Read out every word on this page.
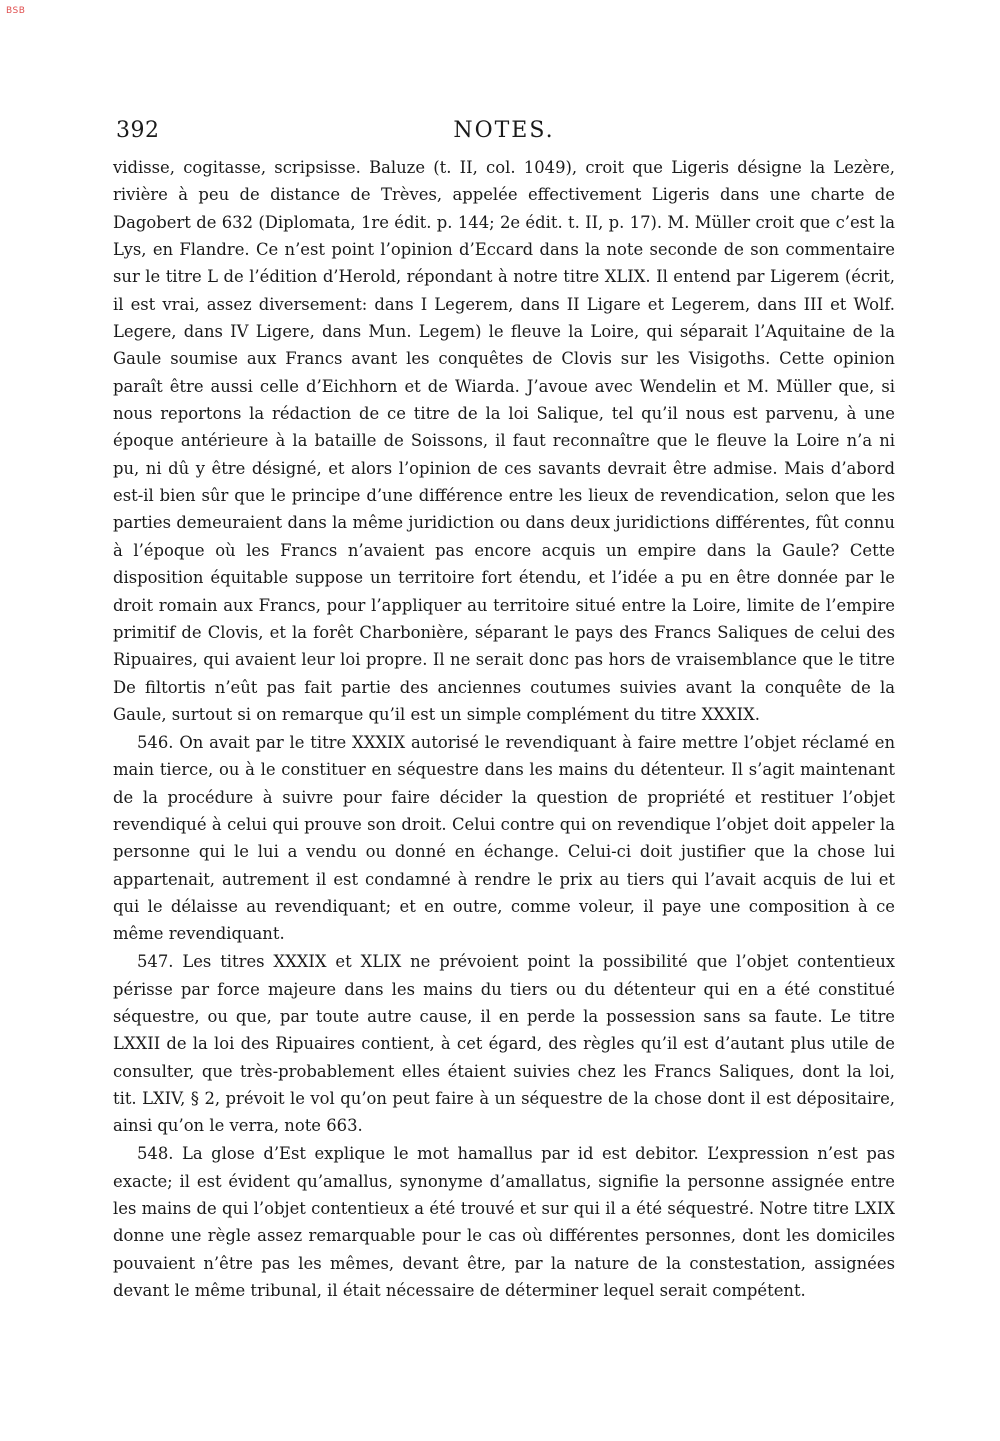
BSB
392	NOTES.

vidisse, cogitasse, scripsisse. Baluze (t. II, col. 1049), croit que Ligeris désigne la Lezère, rivière à peu de distance de Trèves, appelée effectivement Ligeris dans une charte de Dagobert de 632 (Diplomata, 1re édit. p. 144; 2e édit. t. II, p. 17). M. Müller croit que c’est la Lys, en Flandre. Ce n’est point l’opinion d’Eccard dans la note seconde de son commentaire sur le titre L de l’édition d’Herold, répondant à notre titre XLIX. Il entend par Ligerem (écrit, il est vrai, assez diversement: dans I Legerem, dans II Ligare et Legerem, dans III et Wolf. Legere, dans IV Ligere, dans Mun. Legem) le fleuve la Loire, qui séparait l’Aquitaine de la Gaule soumise aux Francs avant les conquêtes de Clovis sur les Visigoths. Cette opinion paraît être aussi celle d’Eichhorn et de Wiarda. J’avoue avec Wendelin et M. Müller que, si nous reportons la rédaction de ce titre de la loi Salique, tel qu’il nous est parvenu, à une époque antérieure à la bataille de Soissons, il faut reconnaître que le fleuve la Loire n’a ni pu, ni dû y être désigné, et alors l’opinion de ces savants devrait être admise. Mais d’abord est-il bien sûr que le principe d’une différence entre les lieux de revendication, selon que les parties demeuraient dans la même juridiction ou dans deux juridictions différentes, fût connu à l’époque où les Francs n’avaient pas encore acquis un empire dans la Gaule? Cette disposition équitable suppose un territoire fort étendu, et l’idée a pu en être donnée par le droit romain aux Francs, pour l’appliquer au territoire situé entre la Loire, limite de l’empire primitif de Clovis, et la forêt Charbonière, séparant le pays des Francs Saliques de celui des Ripuaires, qui avaient leur loi propre. Il ne serait donc pas hors de vraisemblance que le titre De filtortis n’eût pas fait partie des anciennes coutumes suivies avant la conquête de la Gaule, surtout si on remarque qu’il est un simple complément du titre XXXIX.

546. On avait par le titre XXXIX autorisé le revendiquant à faire mettre l’objet réclamé en main tierce, ou à le constituer en séquestre dans les mains du détenteur. Il s’agit maintenant de la procédure à suivre pour faire décider la question de propriété et restituer l’objet revendiqué à celui qui prouve son droit. Celui contre qui on revendique l’objet doit appeler la personne qui le lui a vendu ou donné en échange. Celui-ci doit justifier que la chose lui appartenait, autrement il est condamné à rendre le prix au tiers qui l’avait acquis de lui et qui le délaisse au revendiquant; et en outre, comme voleur, il paye une composition à ce même revendiquant.

547. Les titres XXXIX et XLIX ne prévoient point la possibilité que l’objet contentieux périsse par force majeure dans les mains du tiers ou du détenteur qui en a été constitué séquestre, ou que, par toute autre cause, il en perde la possession sans sa faute. Le titre LXXII de la loi des Ripuaires contient, à cet égard, des règles qu’il est d’autant plus utile de consulter, que très-probablement elles étaient suivies chez les Francs Saliques, dont la loi, tit. LXIV, § 2, prévoit le vol qu’on peut faire à un séquestre de la chose dont il est dépositaire, ainsi qu’on le verra, note 663.

548. La glose d’Est explique le mot hamallus par id est debitor. L’expression n’est pas exacte; il est évident qu’amallus, synonyme d’amallatus, signifie la personne assignée entre les mains de qui l’objet contentieux a été trouvé et sur qui il a été séquestré. Notre titre LXIX donne une règle assez remarquable pour le cas où différentes personnes, dont les domiciles pouvaient n’être pas les mêmes, devant être, par la nature de la constestation, assignées devant le même tribunal, il était nécessaire de déterminer lequel serait compétent.
